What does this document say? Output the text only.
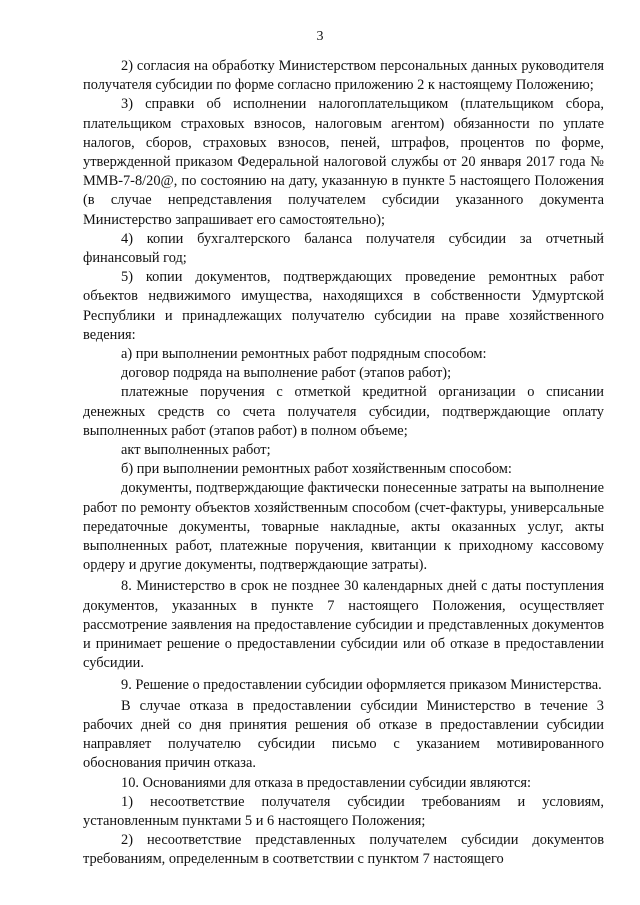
3

2) согласия на обработку Министерством персональных данных руководителя получателя субсидии по форме согласно приложению 2 к настоящему Положению;

3) справки об исполнении налогоплательщиком (плательщиком сбора, плательщиком страховых взносов, налоговым агентом) обязанности по уплате налогов, сборов, страховых взносов, пеней, штрафов, процентов по форме, утвержденной приказом Федеральной налоговой службы от 20 января 2017 года № ММВ-7-8/20@, по состоянию на дату, указанную в пункте 5 настоящего Положения (в случае непредставления получателем субсидии указанного документа Министерство запрашивает его самостоятельно);

4) копии бухгалтерского баланса получателя субсидии за отчетный финансовый год;

5) копии документов, подтверждающих проведение ремонтных работ объектов недвижимого имущества, находящихся в собственности Удмуртской Республики и принадлежащих получателю субсидии на праве хозяйственного ведения:

а) при выполнении ремонтных работ подрядным способом:

договор подряда на выполнение работ (этапов работ);

платежные поручения с отметкой кредитной организации о списании денежных средств со счета получателя субсидии, подтверждающие оплату выполненных работ (этапов работ) в полном объеме;

акт выполненных работ;

б) при выполнении ремонтных работ хозяйственным способом:

документы, подтверждающие фактически понесенные затраты на выполнение работ по ремонту объектов хозяйственным способом (счет-фактуры, универсальные передаточные документы, товарные накладные, акты оказанных услуг, акты выполненных работ, платежные поручения, квитанции к приходному кассовому ордеру и другие документы, подтверждающие затраты).

8. Министерство в срок не позднее 30 календарных дней с даты поступления документов, указанных в пункте 7 настоящего Положения, осуществляет рассмотрение заявления на предоставление субсидии и представленных документов и принимает решение о предоставлении субсидии или об отказе в предоставлении субсидии.

9. Решение о предоставлении субсидии оформляется приказом Министерства.

В случае отказа в предоставлении субсидии Министерство в течение 3 рабочих дней со дня принятия решения об отказе в предоставлении субсидии направляет получателю субсидии письмо с указанием мотивированного обоснования причин отказа.

10. Основаниями для отказа в предоставлении субсидии являются:

1) несоответствие получателя субсидии требованиям и условиям, установленным пунктами 5 и 6 настоящего Положения;

2) несоответствие представленных получателем субсидии документов требованиям, определенным в соответствии с пунктом 7 настоящего
